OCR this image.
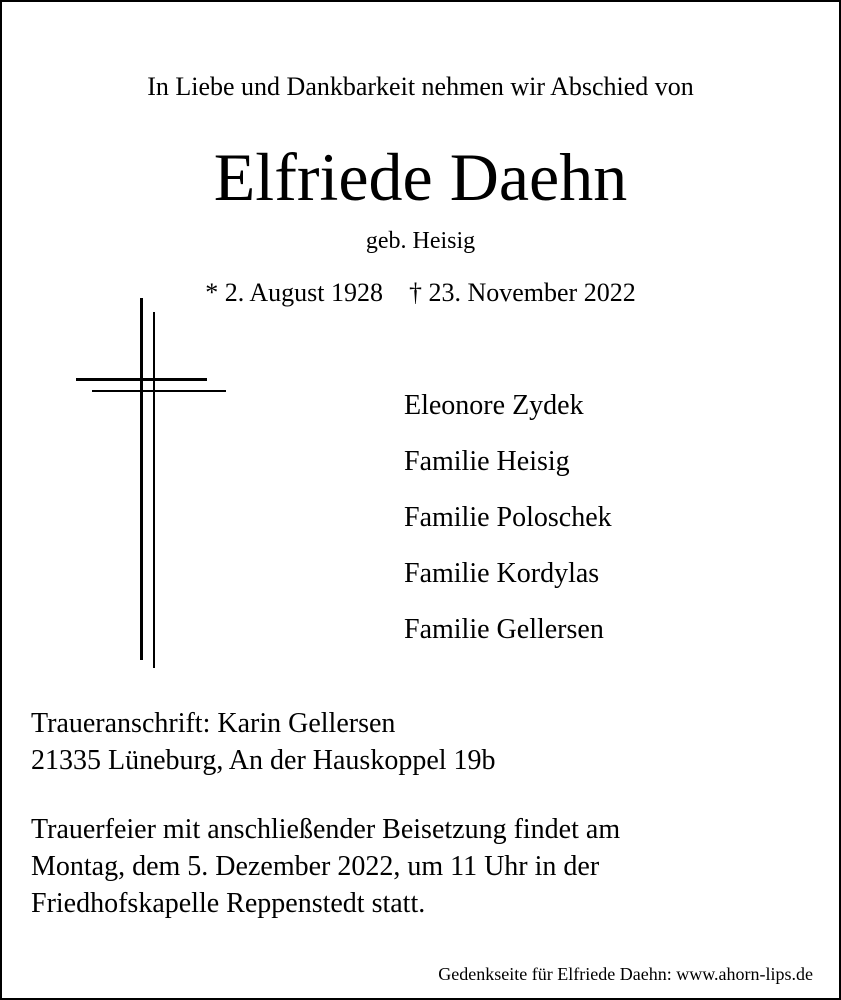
In Liebe und Dankbarkeit nehmen wir Abschied von
Elfriede Daehn
geb. Heisig
* 2. August 1928 † 23. November 2022
Eleonore Zydek
Familie Heisig
Familie Poloschek
Familie Kordylas
Familie Gellersen
Traueranschrift: Karin Gellersen
21335 Lüneburg, An der Hauskoppel 19b
Trauerfeier mit anschließender Beisetzung findet am
Montag, dem 5. Dezember 2022, um 11 Uhr in der
Friedhofskapelle Reppenstedt statt.
Gedenkseite für Elfriede Daehn: www.ahorn-lips.de
